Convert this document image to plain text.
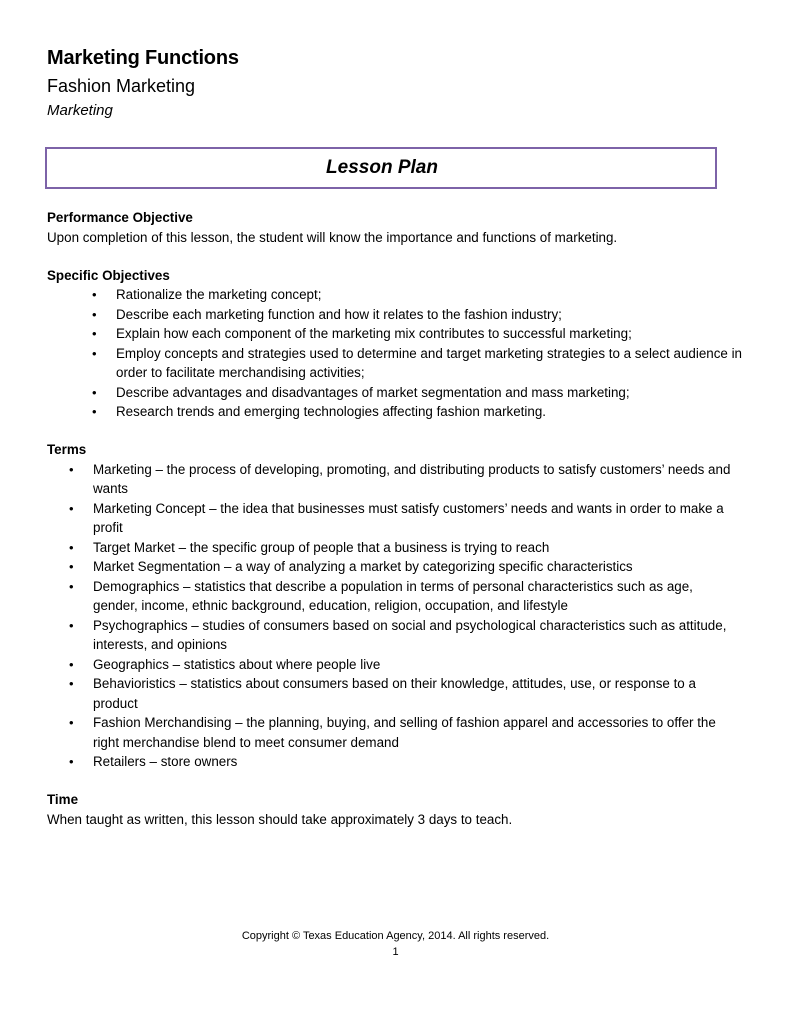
Marketing Functions
Fashion Marketing
Marketing
Lesson Plan

Performance Objective

Upon completion of this lesson, the student will know the importance and functions of marketing.

Specific Objectives

• Rationalize the marketing concept;
• Describe each marketing function and how it relates to the fashion industry;
• Explain how each component of the marketing mix contributes to successful marketing;
• Employ concepts and strategies used to determine and target marketing strategies to a select audience in order to facilitate merchandising activities;
• Describe advantages and disadvantages of market segmentation and mass marketing;
• Research trends and emerging technologies affecting fashion marketing.

Terms

• Marketing – the process of developing, promoting, and distributing products to satisfy customers’ needs and wants
• Marketing Concept – the idea that businesses must satisfy customers’ needs and wants in order to make a profit
• Target Market – the specific group of people that a business is trying to reach
• Market Segmentation – a way of analyzing a market by categorizing specific characteristics
• Demographics – statistics that describe a population in terms of personal characteristics such as age, gender, income, ethnic background, education, religion, occupation, and lifestyle
• Psychographics – studies of consumers based on social and psychological characteristics such as attitude, interests, and opinions
• Geographics – statistics about where people live
• Behavioristics – statistics about consumers based on their knowledge, attitudes, use, or response to a product
• Fashion Merchandising – the planning, buying, and selling of fashion apparel and accessories to offer the right merchandise blend to meet consumer demand
• Retailers – store owners

Time

When taught as written, this lesson should take approximately 3 days to teach.

Copyright © Texas Education Agency, 2014. All rights reserved.
1
